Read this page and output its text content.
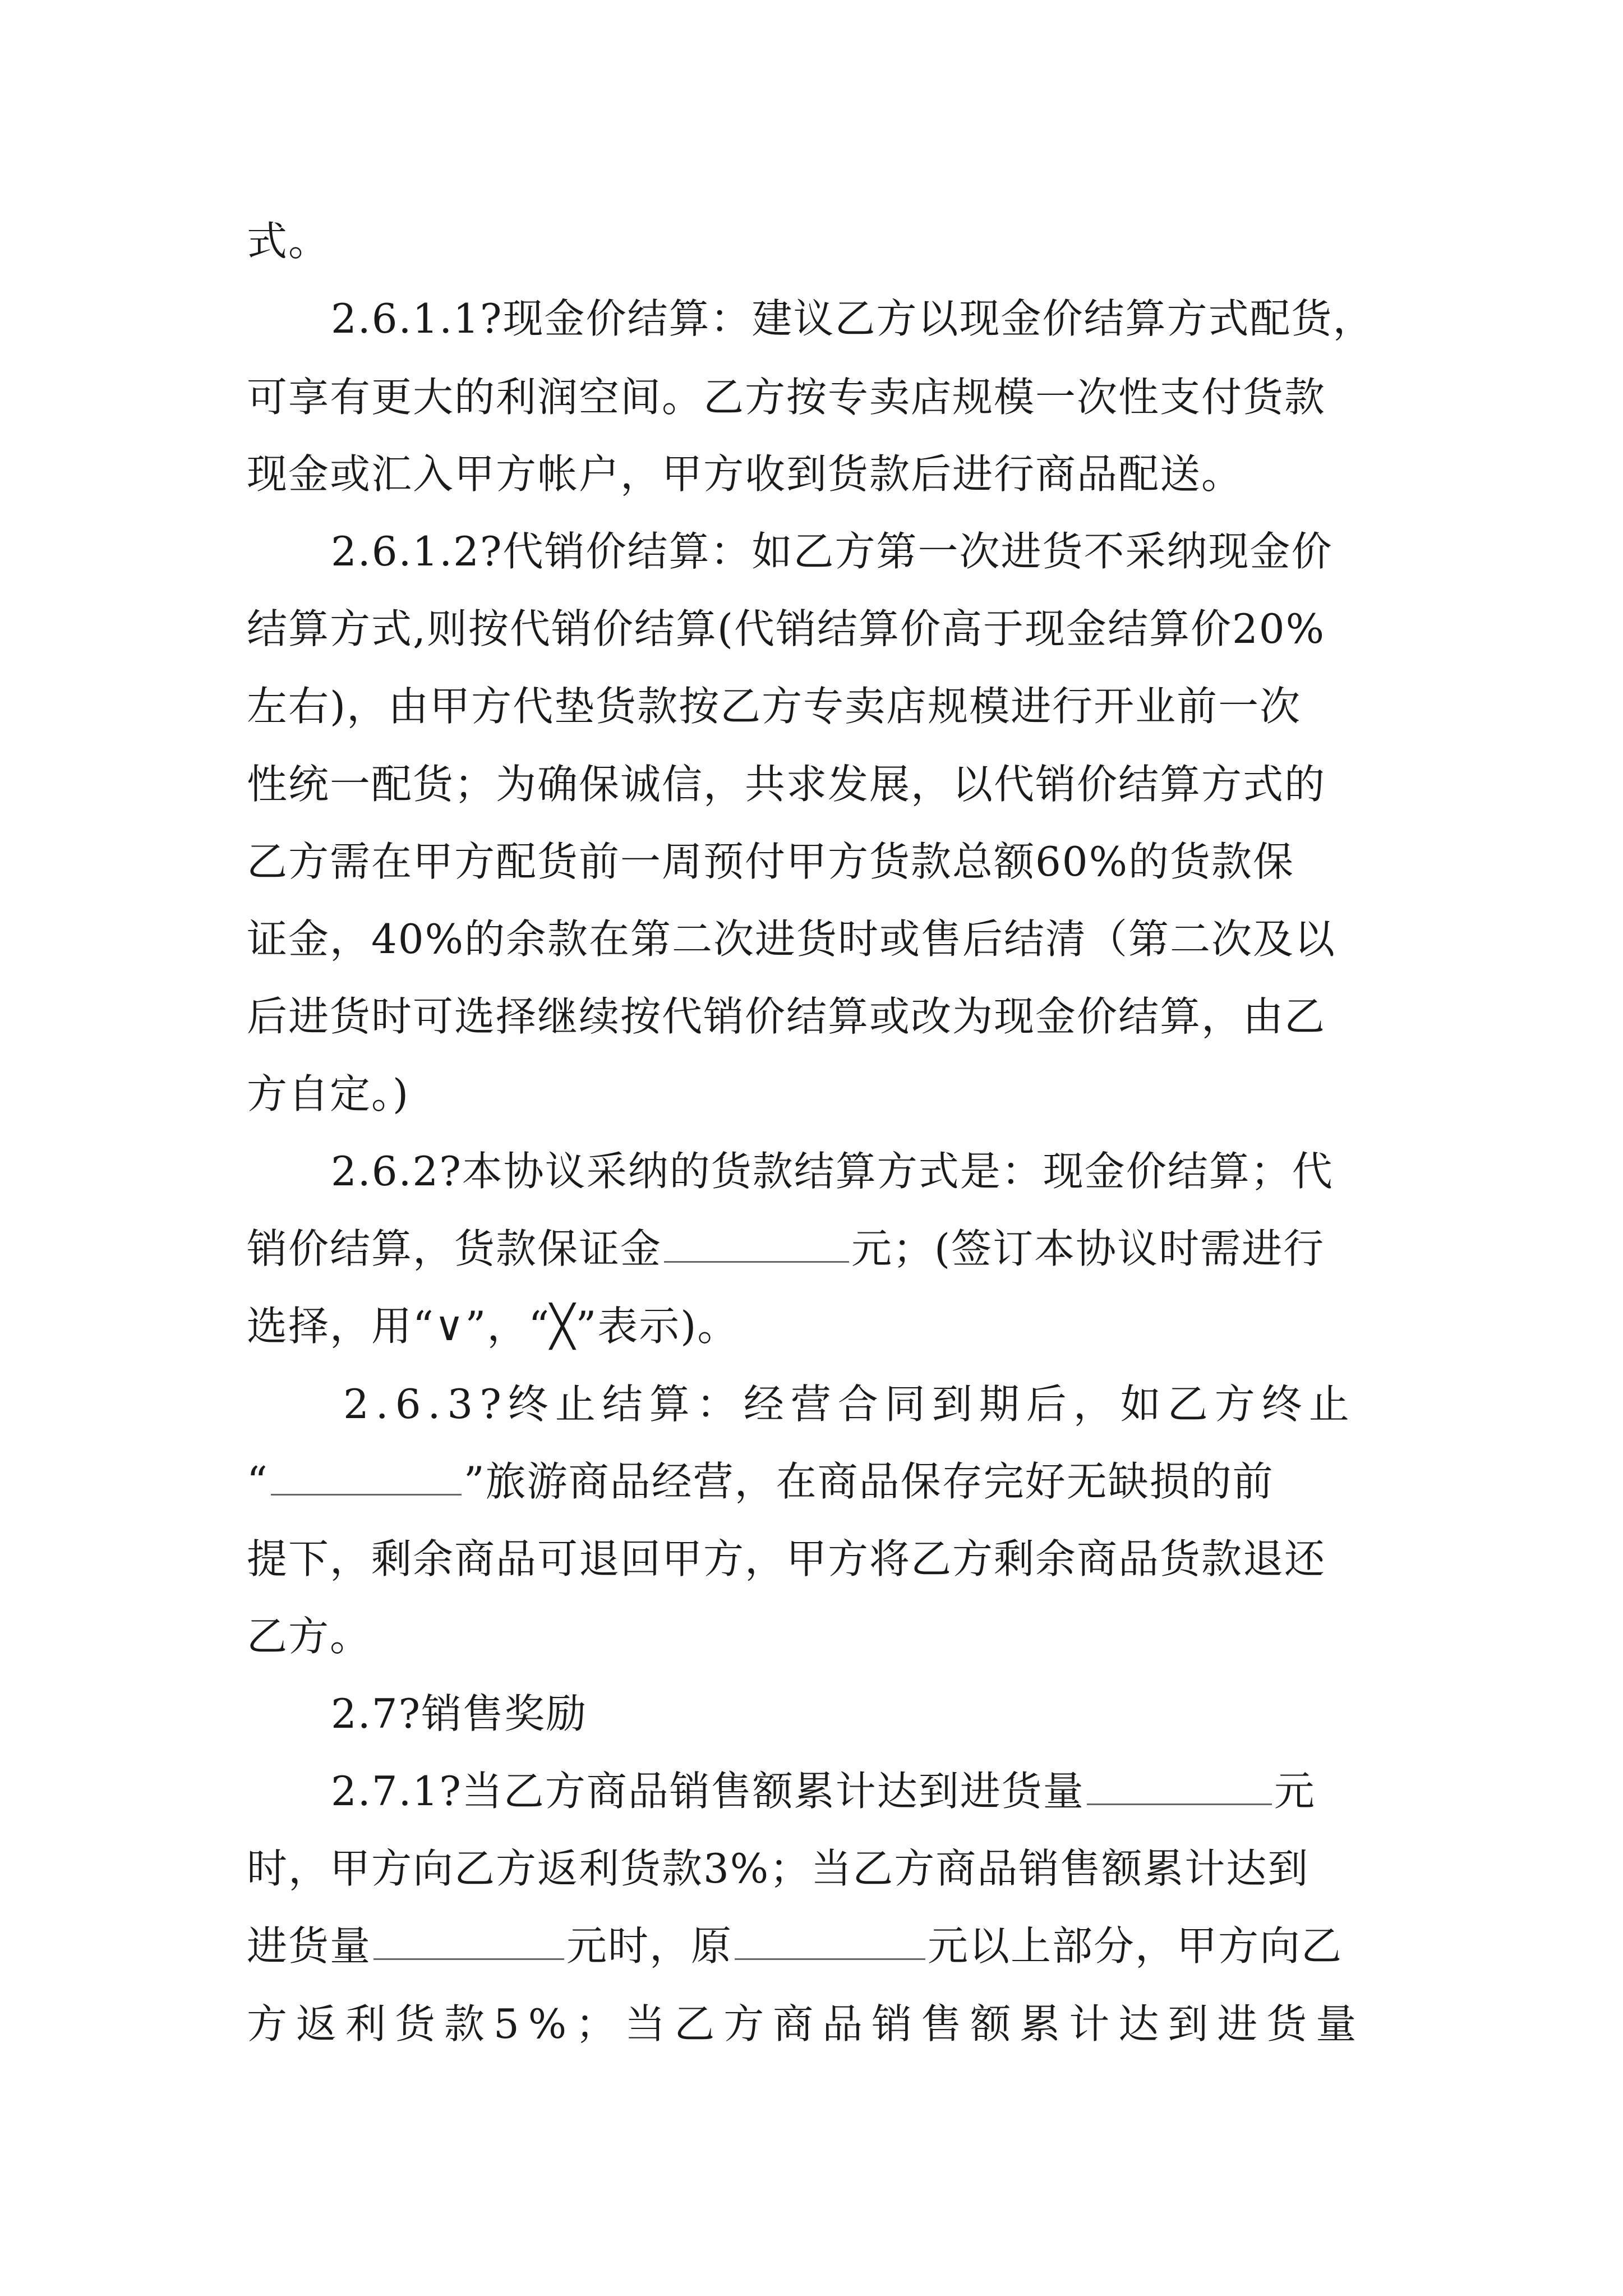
式。
2.6.1.1?现金价结算：建议乙方以现金价结算方式配货，
可享有更大的利润空间。乙方按专卖店规模一次性支付货款
现金或汇入甲方帐户，甲方收到货款后进行商品配送。
2.6.1.2?代销价结算：如乙方第一次进货不采纳现金价
结算方式,则按代销价结算(代销结算价高于现金结算价20%
左右)，由甲方代垫货款按乙方专卖店规模进行开业前一次
性统一配货；为确保诚信，共求发展，以代销价结算方式的
乙方需在甲方配货前一周预付甲方货款总额60%的货款保
证金，40%的余款在第二次进货时或售后结清（第二次及以
后进货时可选择继续按代销价结算或改为现金价结算，由乙
方自定。)
2.6.2?本协议采纳的货款结算方式是：现金价结算；代
销价结算，货款保证金	元；(签订本协议时需进行
选择，用“∨”，“╳”表示)。
2.6.3?终止结算：经营合同到期后，如乙方终止
“	”旅游商品经营，在商品保存完好无缺损的前
提下，剩余商品可退回甲方，甲方将乙方剩余商品货款退还
乙方。
2.7?销售奖励
2.7.1?当乙方商品销售额累计达到进货量	元
时，甲方向乙方返利货款3%；当乙方商品销售额累计达到
进货量	元时，原	元以上部分，甲方向乙
方返利货款5%；当乙方商品销售额累计达到进货量
